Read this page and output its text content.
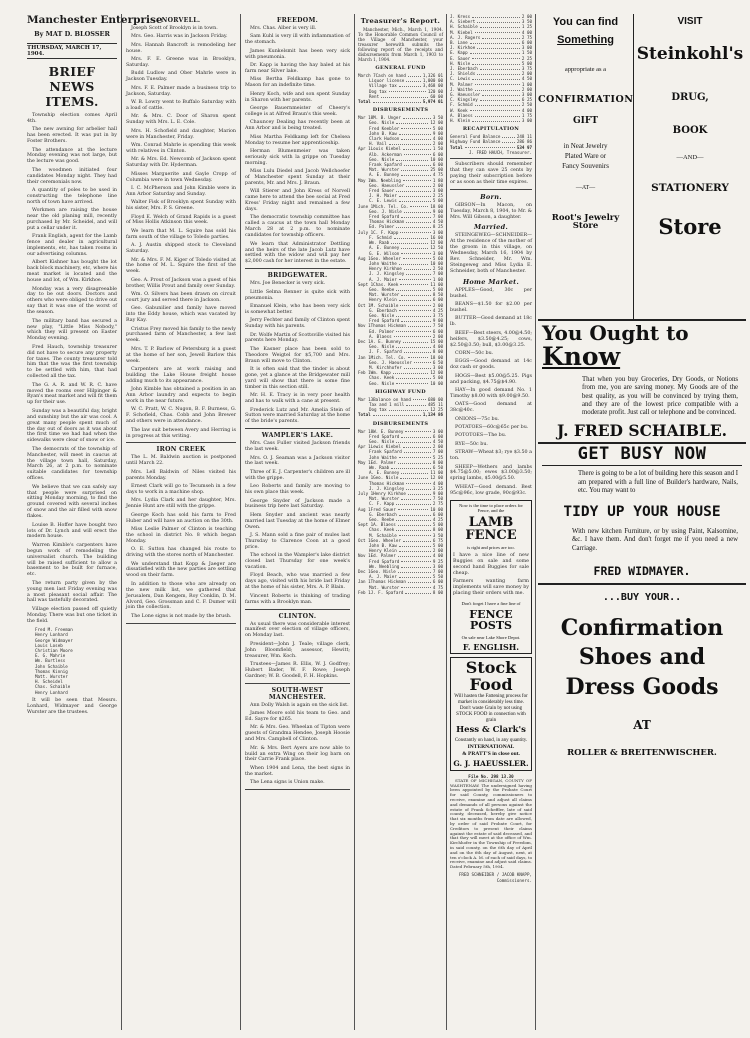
Manchester Enterprise
By MAT D. BLOSSER
THURSDAY, MARCH 17, 1904.
BRIEF NEWS ITEMS.
Township election comes April 4th.
The new awning for arbelier hall has been erected. It was put in by Foster Brothers.
The attendance at the lecture Monday evening was not large, but the lecture was good.
The woodmen initiated four candidates Monday night. They had their ceremonials now.
A quantity of poles to be used in constructing the telephone line north of town have arrived.
Workmen are raising the house near the old planing mill, recently purchased by Mr. Scheidel, and will put a cellar under it.
Frank English, agent for the Lamb fence and dealer in agricultural implements, etc, has taken rooms in our advertising columns.
Albert Kishner has bought the lot back block machinery, etc, where his meat market is located and the house and lot, of Wm. Kirkhoe.
Monday was a very disagreeable day to be out doors. Doctors and others who were obliged to drive out say that it was one of the worst of the season.
The military band has secured a new play, "Little Miss Nobody," which they will present on Easter Monday evening.
Fred Hauch, township treasurer did not have to secure any property for taxes. The county treasurer told him that the was the first township to be settled with him, that had collected all the tax.
The G. A. R. and W. R. C. have moved the rooms over Hilpinger & Ryan's meat market and will fit them up for their use.
Sunday was a beautiful day, bright and sunshiny but the air was cool. A great many people spent much of the day out of doors as it was about the first time we had had when the sidewalks were clear of snow or ice.
The democrats of the township of Manchester, will meet in caucus at the village town hall, Saturday, March 26, at 2 p.m. to nominate suitable candidates for township offices.
We believe that we can safely say that people were surprised on sitting Monday morning, to find the ground covered with several inches of snow and the air filled with snow flakes.
Louise B. Hoffer have bought two lots of Dr. Lynch and will erect the modern house.
Warren Kimble's carpenters have begun work of remodeling the universalist church. The building will be raised sufficient to allow a basement to be built for furnace, etc.
The return party given by the young men last Friday evening was a most pleasant social affair. The hall was tastefully decorated.
Village election passed off quietly Monday. There was but one ticket in the field.
Fred M. Freeman
Henry Lonhard
George Widmayer
Louis Loseb
Christian Moore
E. G. Mahrie
Wm. Burtless
John Schaible
Thomas Kinnig
Matt. Wurster
H. Scheidel
Chas. Schaible
Henry Lonhard
It will be seen that Messrs. Lonhard, Widmayer and George Wurster are the trustees.
NORVELL.
Joseph Scott of Brooklyn is in town.
Mrs. Geo. Harris was in Jackson Friday.
Mrs. Hannah Bancroft is remodeling her house.
Mrs. F. E. Greene was in Brooklyn, Saturday.
Budd Ludlow and Ober Mahrle were in Jackson Tuesday.
Mrs. F. E. Palmer made a business trip to Jackson, Saturday.
W. B. Lowry went to Buffalo Saturday with a load of cattle.
Mr. & Mrs. C. Door of Sharon spent Sunday with Mrs. L. E. Cole.
Mrs. H. Schofield and daughter, Marion were in Manchester, Friday.
Wm. Conrad Mahrle is spending this week with relatives in Clinton.
Mr. & Mrs. Ed. Newcomb of Jackson spent Saturday with Dr. Hyderman.
Misses Marguerite and Gayle Cropp of Columbia were in town Wednesday.
I. C. McPherson and John Kimble were in Ann Arbor Saturday and Sunday.
Walter Fisk of Brooklyn spent Sunday with his sister, Mrs. P. S. Greene.
Floyd E. Welch of Grand Rapids is a guest of Miss Hollis Atkinson this week.
We learn that M. L. Squire has sold his farm south of the village to Toledo parties.
A. J. Austin shipped stock to Cleveland Saturday.
Mr. & Mrs. F. M. Kiger of Toledo visited at the home of M. L. Squire the first of the week.
Geo. A. Prout of Jackson was a guest of his brother, Willis Prout and family over Sunday.
Wm. O. Silvers has been drawn on circuit court jury and served there in Jackson.
Geo. Gabunilier and family have moved into the Eddy house, which was vacated by Ray Kay.
Cristus Frey moved his family to the newly purchased farm of Manchester, a few last week.
Mrs. T. P. Barlow of Petersburg is a guest at the home of her son, Jewell Barlow this week.
Carpenters are at work raising and building the Lake House freight house adding much to its appearance.
John Kimble has obtained a position in an Ann Arbor laundry and expects to begin work in the near future.
W. C. Pratt, W. C. Nugon, B. F. Burness, G. F. Schofield, Chas. Cobb and John Brewer and others were in attendance.
The law suit between Avery and Herring is in progress at this writing.
IRON CREEK
The L. M. Baldwin auction is postponed until March 22.
Mrs. Lell Baldwin of Niles visited his parents Monday.
Ernest Clark will go to Tecumseh in a few days to work in a machine shop.
Mrs. Lydia Clark and her daughter, Mrs. Jennie Hunt are still with the grippe.
George Koch has sold his farm to Fred Huber and will have an auction on the 30th.
Miss Leslie Palmer of Clinton is teaching the school in district No. 8 which began Monday.
O. E. Sutton has changed his route to driving with the stores north of Manchester.
We understand that Kopp & Jaeger are dissatisfied with the new parties are settling wood on their farm.
In addition to those who are already on the new milk list, we gathered that Jerusalem, Dan Kengem, Roy Conklin, D. M. Alvord, Geo. Grossman and C. F. Dumer will join the collection.
The Lone signs is not made by the brush.
FREEDOM.
Mrs. Chas. Alber is very ill.
Sam Kuhl is very ill with inflammation of the stomach.
James Kunkelsmit has been very sick with pneumonia.
Dr. Kapp is having the hay baled at his farm near Silver lake.
Miss Bertha Feldkamp has gone to Mason for an indefinite time.
Henry Koch, wife and son spent Sunday in Sharon with her parents.
George Bauernmeister of Cheery's college is at Alfred Braun's this week.
Chauncey Dealing has recently been at Ann Arbor and is being treated.
Miss Martha Feldkamp left for Chelsea Monday to resume her apprenticeship.
Herman Blumenmeier was taken seriously sick with la grippe on Tuesday morning.
Miss Lulu Diedel and Jacob Wellchoefer of Manchester spent Sunday at their parents, Mr. and Mrs. J. Braun.
Will Stierer and John Kress of Norvell came here to attend the bee social at Fred Kress' Friday night and remained a few days.
The democratic township committee has called a caucus at the town hall Monday March 28 at 2 p.m. to nominate candidates for township officers.
We learn that Administrator Dettling and the heirs of the late Jacob Lutz have settled with the widow and will pay her $2,000 cash for her interest in the estate.
BRIDGEWATER.
Mrs. Joe Benecker is very sick.
Little Selma Renner is quite sick with pneumonia.
Emanuel Klein, who has been very sick is somewhat better.
Jerry Fechter and family of Clinton spent Sunday with his parents.
Dr. Wolfe Martin of Scottsville visited his parents here Monday.
The Kasner place has been sold to Theodore Weigtel for $5,700 and Mrs. Braun will move to Clinton.
It is often said that the tinder is about gone, yet a glance at the Bridgewater mill yard will show that there is some fine timber in this section still.
Mr. H. E. Tracy is in very poor health and has to walk with a cane at present.
Frederick Lutz and Mr. Amelia Stein of Sutton were married Saturday at the home of the bride's parents.
WAMPLER'S LAKE.
Mrs. Cass Fuller visited Jackson friends the last week.
Mrs. O. J. Seaman was a Jackson visitor the last week.
Three of E. J. Carpenter's children are ill with the grippe.
Leo Roberts and family are moving to his own place this week.
George Snyder of Jackson made a business trip here last Saturday.
Hem Snyder and ancient was nearly married last Tuesday at the home of Elmer Owen.
J. S. Mann sold a fine pair of mules last Thursday to Clarence Coon at a good price.
The school in the Wampler's lake district closed last Thursday for one week's vacation.
Floyd Beach, who was married a few days ago, visited with his bride last Friday at the home of his sister, Mrs. A. P. Blain.
Vincent Roberts is thinking of trading farms with a Brooklyn man.
CLINTON.
As usual there was considerable interest manifest over election of village officers, on Monday last.
President—John J. Teale; village clerk, John Bloomfield; assessor, Hewitt; treasurer, Wm. Koch.
Trustees—James R. Ellis, W. J. Godfrey; Hubert Bader, W. F. Rowe; Joseph Gardner; W. B. Goodell, F. H. Hopkins.
SOUTH-WEST MANCHESTER.
Ann Dolly Walsh is again on the sick list.
James Moore sold his team to Geo. and Ed. Sayre for $265.
Mr. & Mrs. Geo. Wheelan of Tipton were guests of Grandma Hendee, Joseph Hoosie and Mrs. Campbell of Clinton.
Mr. & Mrs. Bert Ayers are now able to build an extra Wing on their log barn on their Carrie Frank place.
When 1904 and Lena, the best signs in the market.
The Lena signs is Union make.
Treasurer's Report.
Manchester, Mich., March 1, 1904. To the Honorable Common Council of the Village of Manchester, your treasurer herewith submits the following report of the receipts and disbursements from March 1, 1903 to March 1, 1904.
GENERAL FUND
March 7 Cash on hand	1,326 01
Liquor license	1,000 00
Village tax	3,468 00
Dog tax	120 00
Rent	60 00
Total	5,974 01
DISBURSEMENTS
Mar 18 M. B. Unger	3 50
Geo. Nisle	12 00
Fred Keebler	5 00
John B. Kaw	9 00
Clark Hudson	4 00
H. Vail	2 00
Apr 1 Louis Kiebel	1 50
Alb. Ackerman	6 00
Geo. Nisle	10 00
Frank Spafard	6 00
Mat. Wurster	25 00
A. E. Bunney	4 75
May 1 Wm. Neebling	1 80
Geo. Haeussler	2 00
Fred Sauer	3 00
J. H. Maier	2 25
C. E. Lewis	5 00
June 1 Mich. Tel. Co.	18 00
Geo. J. Nisle	9 00
Fred Spafard	7 00
Thomas Hickman	4 50
Ed. Palmer	8 25
July 1 C. F. Kapp	3 00
F. Schmid	16 00
Wm. Raab	12 00
A. E. Bunney	12 50
G. E. Wilson	3 00
Aug 1 Geo. Wheeler	5 60
John Waithe	10 00
Henry Kirkhoe	2 50
J. J. Kingsley	7 00
A. J. Maier	1 00
Sept 1 Chas. Keek	11 00
Geo. Reebe	5 00
Mat. Wurster	8 50
Henry Klein	6 00
Oct 1 M. Schaible	2 00
G. Eberbach	4 25
Geo. Nisle	3 75
Fred Spafard	9 00
Nov 1 Thomas Hickman	7 50
Ed. Palmer	6 00
A. Blaess	2 00
Dec 1 A. E. Bunney	15 00
Geo. Nisle	4 00
J. F. Spafard	8 00
Jan 1 Mich. Tel. Co.	18 00
Geo. J. Haeussler	6 50
M. Kirchhofer	3 00
Feb 1 Wm. Kapp	12 00
Chas. Keek	5 00
Geo. Nisle	10 00
HIGHWAY FUND
Mar 13 Balance on hand	680 00
Tax and 1 mill	485 11
Dog tax	12 25
Total	1,134 86
DISBURSEMENTS
Mar 18 W. E. Bunney	3 00
Fred Spafard	6 00
Geo. Nisle	4 50
Apr 1 Lewis Kiebel	2 00
Frank Spafard	7 00
John Waithe	5 25
May 1 Ed. Palmer	8 00
Wm. Raab	6 50
A. E. Bunney	11 00
June 1 Geo. Nisle	12 00
Thomas Hickman	4 00
J. J. Kingsley	3 25
July 1 Henry Kirkhoe	9 00
Mat. Wurster	7 50
C. F. Kapp	2 75
Aug 1 Fred Sauer	10 00
G. Eberbach	6 00
Geo. Reebe	4 25
Sept 1 A. Blaess	5 00
Chas. Keek	8 00
M. Schaible	3 50
Oct 1 Geo. Wheeler	6 75
John B. Kaw	5 00
Henry Klein	2 00
Nov 1 Ed. Palmer	4 00
Fred Spafard	9 25
Wm. Neebling	3 00
Dec 1 Geo. Nisle	7 00
A. J. Maier	5 50
Jan 1 Thomas Hickman	6 00
Mat. Wurster	4 75
Feb 1 J. F. Spafard	8 00
J. Kress	2 00
A. Siebert	3 50
H. Schaible	1 25
M. Kiebel	4 00
A. J. Rogers	2 75
B. Lane	6 00
J. Kirkhoe	3 00
E. Kapp	1 50
E. Sauer	2 25
H. Nisle	5 00
J. Eberbach	3 75
J. Shields	2 00
C. Lewis	4 50
M. Palmer	1 00
J. Waithe	2 00
G. Haeussler	3 00
C. Kingsley	6 25
F. Schmid	2 50
W. Keek	4 00
A. Blaess	1 75
H. Klein	3 00
RECAPITULATION
General Fund Balance	248 11
Highway Fund Balance	286 86
Total	534 97
J. FRED HAUCH, Treasurer.
Subscribers should remember that they can save 25 cents by paying their subscription before or as soon as their time expires.
Born.
GIBSON—In Macon, on Tuesday, March 8, 1904, to Mr. & Mrs. Will Gibson, a daughter.
Married.
STEINGEWEG—SCHNEIDER—At the residence of the mother of the groom in this village, on Wednesday, March 16, 1904 by Rev. Schneider, Mr. Wm. Steingeweg and Miss Lydia E. Schneider, both of Manchester.
Home Market.
APPLES—Good, 30c per bushel.
BEANS—$1.50 for $2.00 per bushel.
BUTTER—Good demand at 18c lb.
BEEF—Best steers, 4.00@4.50; heifers, $3.50@4.25; cows, $2.50@3.50; bull, $3.00@3.25.
CORN—50c bu.
EGGS—Good demand at 14c doz cash or goods.
HOGS—Best $5.00@5.25. Pigs and packing, $4.75@$4.90.
HAY—In good demand No. 1 Timothy $8.00 with $9.00@9.50.
OATS—Good demand at 38c@40c.
ONIONS—75c bu.
POTATOES—60c@65c per bu.
POTOTOES—The bu.
RYE—50c bu.
STRAW—Wheat $3; rye $3.50 a ton.
SHEEP—Wethers and lambs $4.75@5.00; ewes $3.00@3.50; spring lambs, $5.00@5.50.
WHEAT—Good demand. Best 95c@96c, low grade, 90c@93c.
Now is the time to place orders for Fence, and the
LAMB FENCE
is right and prices are too.
I have a nice line of new Buggies on sale and some second hand Buggies for sale cheap.
Farmers wanting farm implements will save money by placing their orders with me.
Don't forget I have a fine line of
FENCE POSTS
On sale near Lake Shore Depot.
F. ENGLISH.
Stock Food
Will hasten the Fattening process for market in considerably less time. Don't waste Grain by not using
STOCK FOOD in connection with grain
Hess & Clark's
Constantly on hand, in any quantity.
INTERNATIONAL
& PRATT'S in close out.
G. J. HAEUSSLER.
File No. 298 13.30
STATE OF MICHIGAN, COUNTY OF WASHTENAW. The undersigned having been appointed by the Probate Court for said County, commissioners to receive, examine and adjust all claims and demands of all persons against the estate of Frank Scheffler, late of said county, deceased, hereby give notice that six months from date are allowed, by order of said Probate Court, for Creditors to present their claims against the estate of said deceased, and that they will meet at the office of Wm. Kirchhofer in the Township of Freedom, in said county, on the 6th day of April and on the 6th day of August, next, at ten o'clock A. M. of each of said days, to receive, examine and adjust said claims. Dated February 5th, 1904.
FRED SCHNEIDER / JACOB KNAPP, Commissioners.
You can find
Something
appropriate as a
CONFIRMATION
GIFT
in Neat Jewelry
Plated Ware or
Fancy Souvenirs
—AT—
Root's Jewelry Store
VISIT
Steinkohl's
DRUG,
BOOK
—AND—
STATIONERY
Store
You Ought to
Know
That when you buy Groceries, Dry Goods, or Notions from me, you are saving money. My Goods are of the best quality, as you will be convinced by trying them, and they are of the lowest price compatible with a moderate profit. Just call or telephone and be convinced.
J. FRED SCHAIBLE.
GET BUSY NOW
There is going to be a lot of building here this season and I am prepared with a full line of Builder's hardware, Nails, etc. You may want to
TIDY UP YOUR HOUSE
With new kitchen Furniture, or by using Paint, Kalsomine, &c. I have them. And don't forget me if you need a new Carriage.
FRED WIDMAYER.
...BUY YOUR..
Confirmation
Shoes and
Dress Goods
AT
ROLLER & BREITENWISCHER.
